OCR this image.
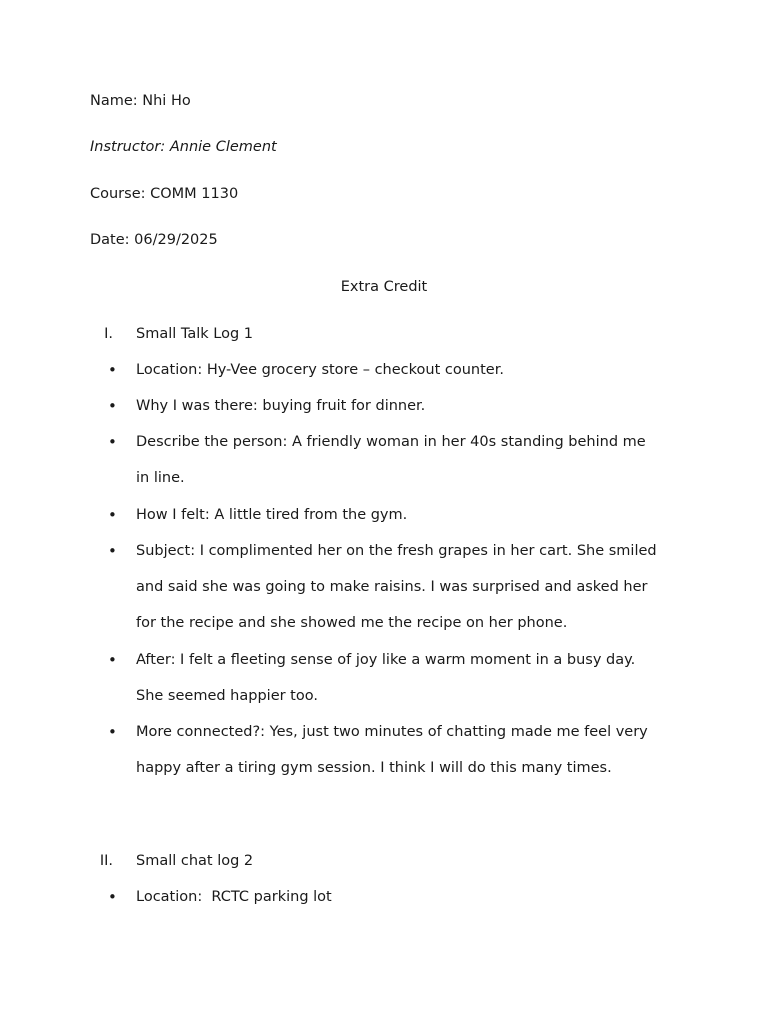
Name: Nhi Ho
Instructor: Annie Clement
Course: COMM 1130
Date: 06/29/2025
Extra Credit
I. Small Talk Log 1
• Location: Hy-Vee grocery store – checkout counter.
• Why I was there: buying fruit for dinner.
• Describe the person: A friendly woman in her 40s standing behind me
in line.
• How I felt: A little tired from the gym.
• Subject: I complimented her on the fresh grapes in her cart. She smiled
and said she was going to make raisins. I was surprised and asked her
for the recipe and she showed me the recipe on her phone.
• After: I felt a fleeting sense of joy like a warm moment in a busy day.
She seemed happier too.
• More connected?: Yes, just two minutes of chatting made me feel very
happy after a tiring gym session. I think I will do this many times.
II. Small chat log 2
• Location:  RCTC parking lot
